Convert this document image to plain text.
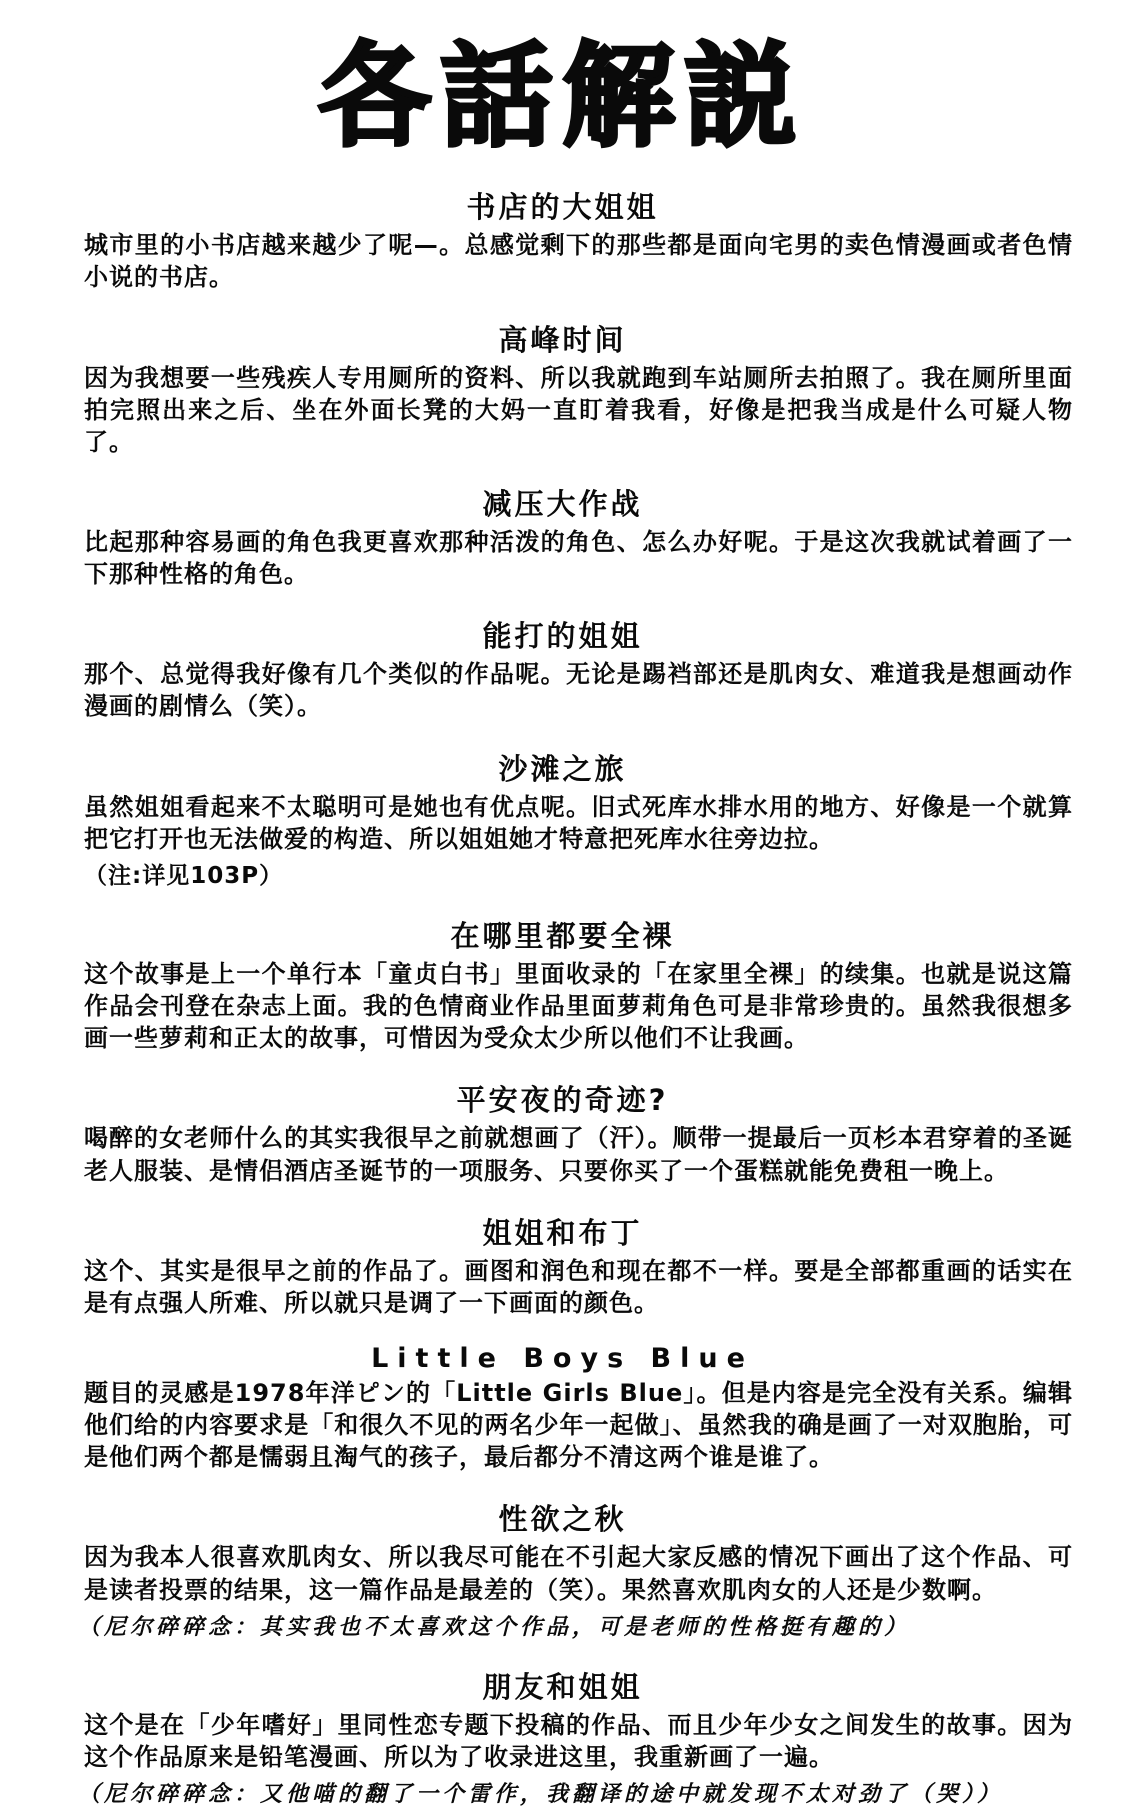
各話解説
书店的大姐姐

城市里的小书店越来越少了呢—。总感觉剩下的那些都是面向宅男的卖色情漫画或者色情小说的书店。

高峰时间

因为我想要一些残疾人专用厕所的资料、所以我就跑到车站厕所去拍照了。我在厕所里面拍完照出来之后、坐在外面长凳的大妈一直盯着我看，好像是把我当成是什么可疑人物了。

减压大作战

比起那种容易画的角色我更喜欢那种活泼的角色、怎么办好呢。于是这次我就试着画了一下那种性格的角色。

能打的姐姐

那个、总觉得我好像有几个类似的作品呢。无论是踢裆部还是肌肉女、难道我是想画动作漫画的剧情么（笑）。

沙滩之旅

虽然姐姐看起来不太聪明可是她也有优点呢。旧式死库水排水用的地方、好像是一个就算把它打开也无法做爱的构造、所以姐姐她才特意把死库水往旁边拉。

（注:详见103P）

在哪里都要全裸

这个故事是上一个单行本「童贞白书」里面收录的「在家里全裸」的续集。也就是说这篇作品会刊登在杂志上面。我的色情商业作品里面萝莉角色可是非常珍贵的。虽然我很想多画一些萝莉和正太的故事，可惜因为受众太少所以他们不让我画。

平安夜的奇迹?

喝醉的女老师什么的其实我很早之前就想画了（汗）。顺带一提最后一页杉本君穿着的圣诞老人服装、是情侣酒店圣诞节的一项服务、只要你买了一个蛋糕就能免费租一晚上。

姐姐和布丁

这个、其实是很早之前的作品了。画图和润色和现在都不一样。要是全部都重画的话实在是有点强人所难、所以就只是调了一下画面的颜色。

Little Boys Blue

题目的灵感是1978年洋ピン的「Little Girls Blue」。但是内容是完全没有关系。编辑他们给的内容要求是「和很久不见的两名少年一起做」、虽然我的确是画了一对双胞胎，可是他们两个都是懦弱且淘气的孩子，最后都分不清这两个谁是谁了。

性欲之秋

因为我本人很喜欢肌肉女、所以我尽可能在不引起大家反感的情况下画出了这个作品、可是读者投票的结果，这一篇作品是最差的（笑）。果然喜欢肌肉女的人还是少数啊。

（尼尔碎碎念：其实我也不太喜欢这个作品，可是老师的性格挺有趣的）

朋友和姐姐

这个是在「少年嗜好」里同性恋专题下投稿的作品、而且少年少女之间发生的故事。因为这个作品原来是铅笔漫画、所以为了收录进这里，我重新画了一遍。

（尼尔碎碎念：又他喵的翻了一个雷作，我翻译的途中就发现不太对劲了（哭））
